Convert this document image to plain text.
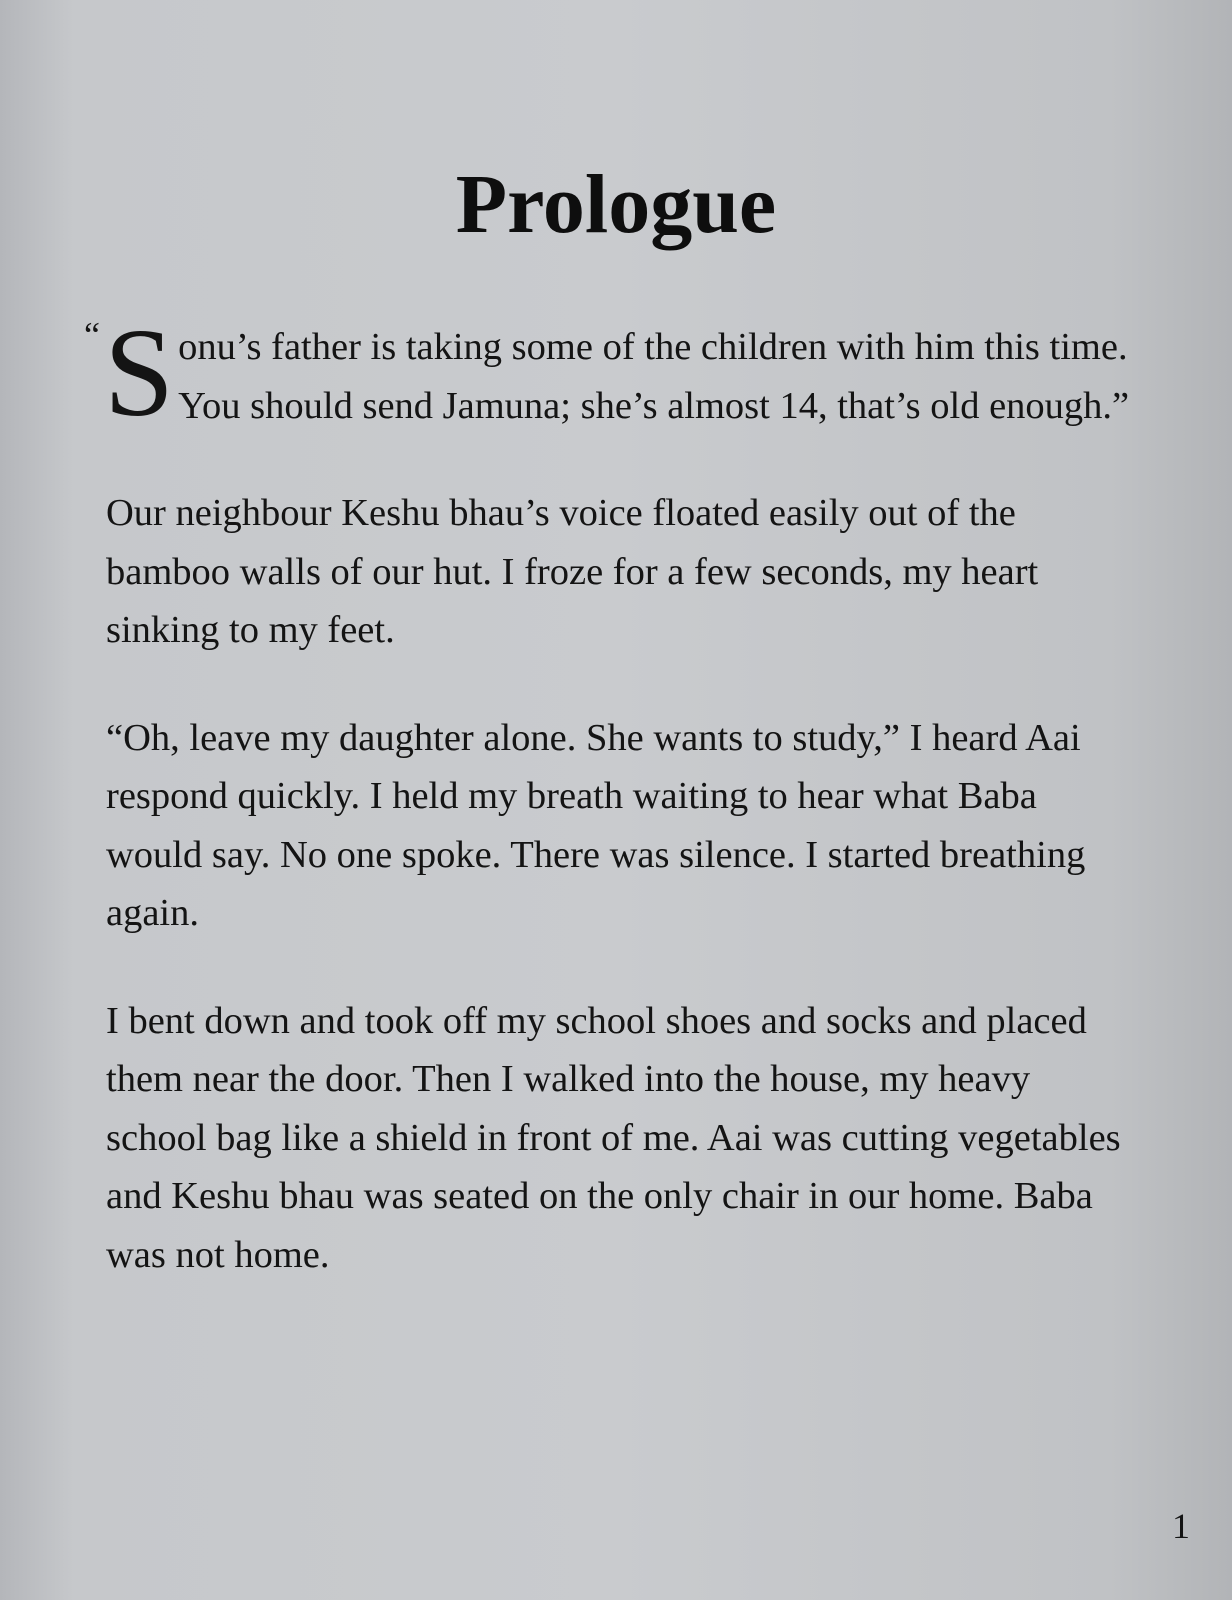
Prologue

“ S onu’s father is taking some of the children with him this time. You should send Jamuna; she’s almost 14, that’s old enough.”

Our neighbour Keshu bhau’s voice floated easily out of the bamboo walls of our hut. I froze for a few seconds, my heart sinking to my feet.

“Oh, leave my daughter alone. She wants to study,” I heard Aai respond quickly. I held my breath waiting to hear what Baba would say. No one spoke. There was silence. I started breathing again.

I bent down and took off my school shoes and socks and placed them near the door. Then I walked into the house, my heavy school bag like a shield in front of me. Aai was cutting vegetables and Keshu bhau was seated on the only chair in our home. Baba was not home.

1
